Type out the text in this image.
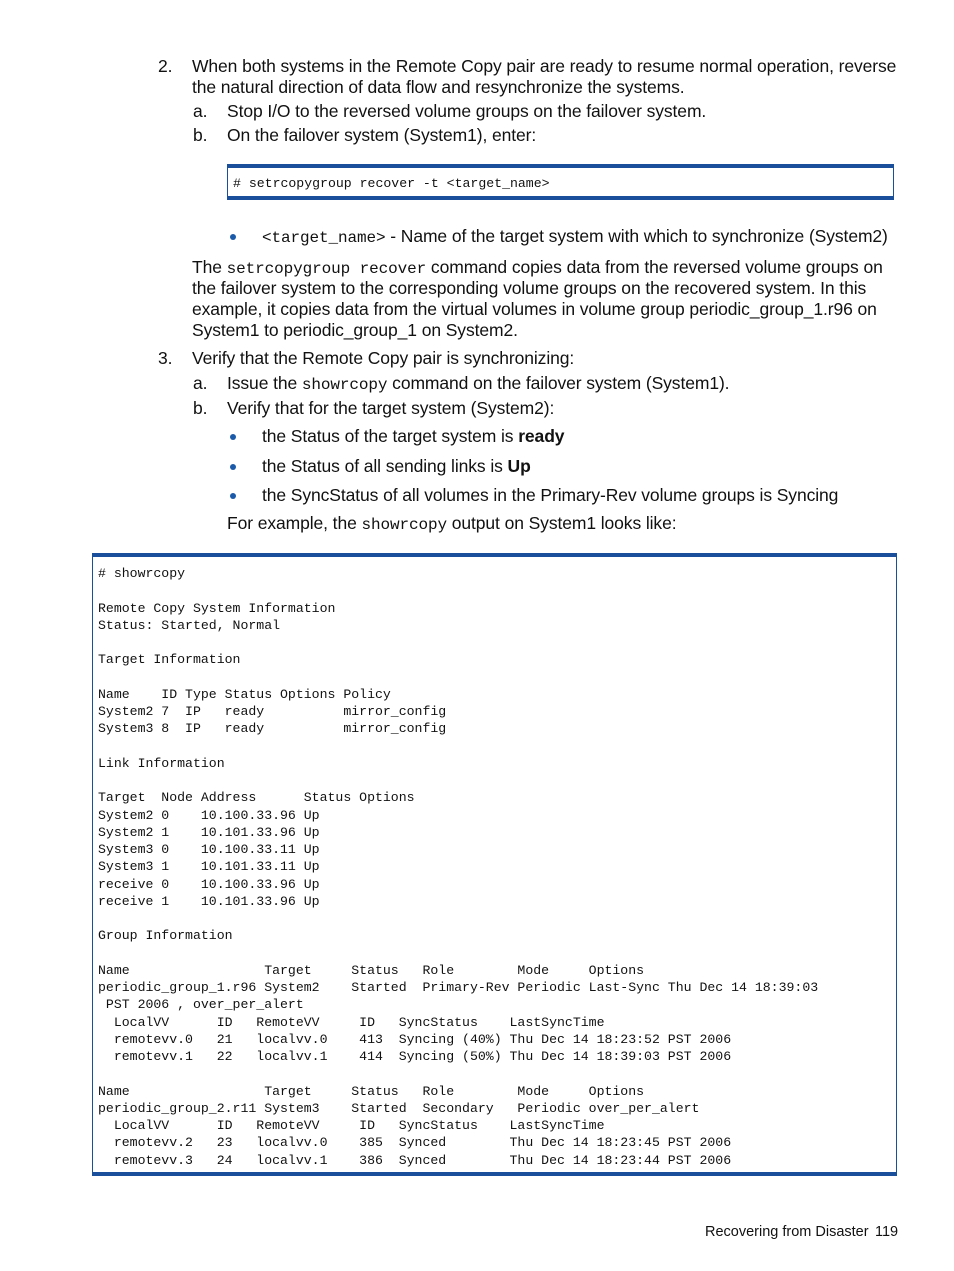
2. When both systems in the Remote Copy pair are ready to resume normal operation, reverse
the natural direction of data flow and resynchronize the systems.
a. Stop I/O to the reversed volume groups on the failover system.
b. On the failover system (System1), enter:
# setrcopygroup recover -t <target_name>
<target_name> - Name of the target system with which to synchronize (System2)
The setrcopygroup recover command copies data from the reversed volume groups on
the failover system to the corresponding volume groups on the recovered system. In this
example, it copies data from the virtual volumes in volume group periodic_group_1.r96 on
System1 to periodic_group_1 on System2.
3. Verify that the Remote Copy pair is synchronizing:
a. Issue the showrcopy command on the failover system (System1).
b. Verify that for the target system (System2):
the Status of the target system is ready
the Status of all sending links is Up
the SyncStatus of all volumes in the Primary-Rev volume groups is Syncing
For example, the showrcopy output on System1 looks like:
# showrcopy

Remote Copy System Information
Status: Started, Normal

Target Information

Name    ID Type Status Options Policy
System2 7  IP   ready          mirror_config
System3 8  IP   ready          mirror_config

Link Information

Target  Node Address      Status Options
System2 0    10.100.33.96 Up
System2 1    10.101.33.96 Up
System3 0    10.100.33.11 Up
System3 1    10.101.33.11 Up
receive 0    10.100.33.96 Up
receive 1    10.101.33.96 Up

Group Information

Name                 Target     Status   Role        Mode     Options
periodic_group_1.r96 System2    Started  Primary-Rev Periodic Last-Sync Thu Dec 14 18:39:03
PST 2006 , over_per_alert
LocalVV      ID   RemoteVV     ID   SyncStatus    LastSyncTime
remotevv.0   21   localvv.0    413  Syncing (40%) Thu Dec 14 18:23:52 PST 2006
remotevv.1   22   localvv.1    414  Syncing (50%) Thu Dec 14 18:39:03 PST 2006

Name                 Target     Status   Role        Mode     Options
periodic_group_2.r11 System3    Started  Secondary   Periodic over_per_alert
LocalVV      ID   RemoteVV     ID   SyncStatus    LastSyncTime
remotevv.2   23   localvv.0    385  Synced        Thu Dec 14 18:23:45 PST 2006
remotevv.3   24   localvv.1    386  Synced        Thu Dec 14 18:23:44 PST 2006
Recovering from Disaster 119
